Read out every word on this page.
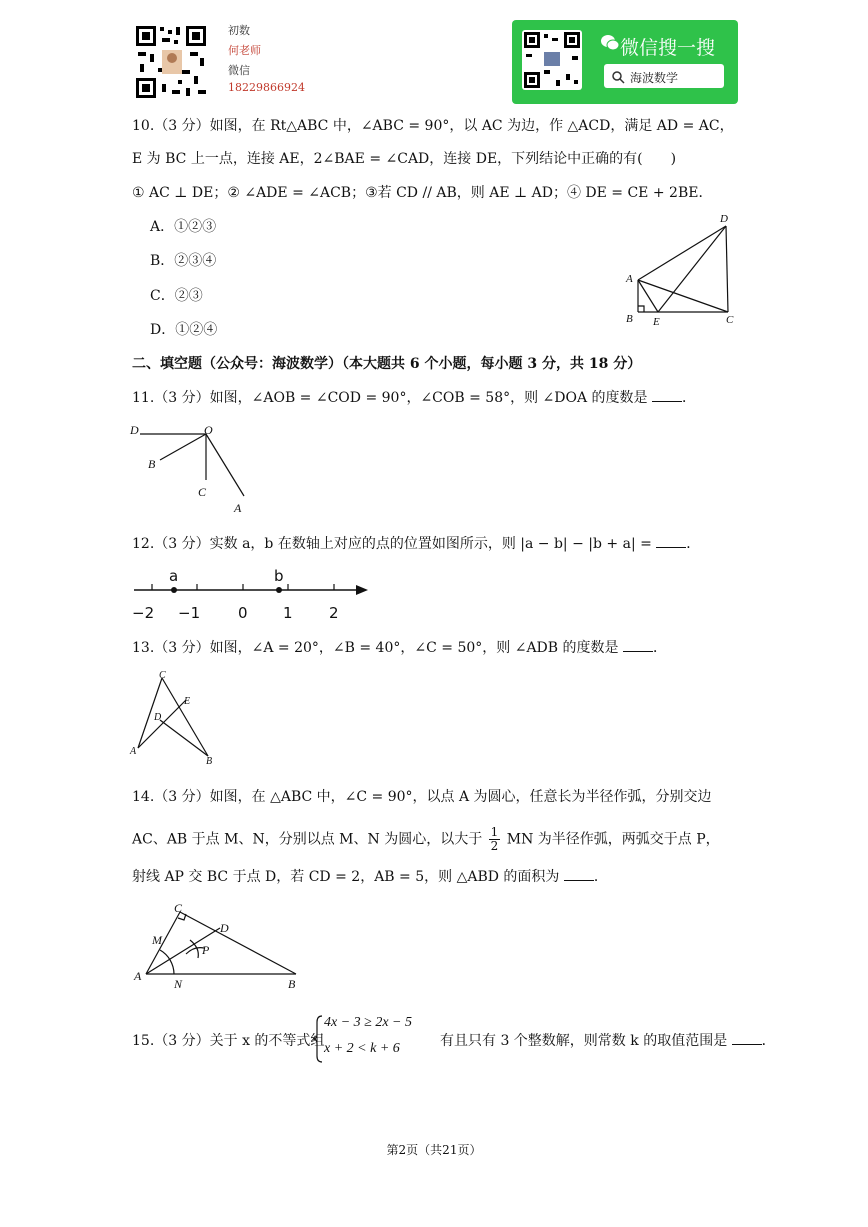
初数
何老师
微信
18229866924
微信搜一搜
海波数学
10.（3 分）如图，在 Rt△ABC 中，∠ABC = 90°，以 AC 为边，作 △ACD，满足 AD = AC，
E 为 BC 上一点，连接 AE，2∠BAE = ∠CAD，连接 DE，下列结论中正确的有(　　)
① AC ⊥ DE；② ∠ADE = ∠ACB；③若 CD // AB，则 AE ⊥ AD；④ DE = CE + 2BE．
A．①②③
B．②③④
C．②③
D．①②④
D
A
B E	C
二、填空题（公众号：海波数学）（本大题共 6 个小题，每小题 3 分，共 18 分）
11.（3 分）如图，∠AOB = ∠COD = 90°，∠COB = 58°，则 ∠DOA 的度数是 ．
D	O
B
C
A
12.（3 分）实数 a，b 在数轴上对应的点的位置如图所示，则 |a − b| − |b + a| = ．
a	b
−2 −1	0 1 2
13.（3 分）如图，∠A = 20°，∠B = 40°，∠C = 50°，则 ∠ADB 的度数是 ．
C
E
D
A
B
14.（3 分）如图，在 △ABC 中，∠C = 90°，以点 A 为圆心，任意长为半径作弧，分别交边
AC、AB 于点 M、N，分别以点 M、N 为圆心，以大于 $\frac{1}{2}$ MN 为半径作弧，两弧交于点 P，
射线 AP 交 BC 于点 D，若 CD = 2，AB = 5，则 △ABD 的面积为 ．
C
D
M
P
A
N	B
15.（3 分）关于 x 的不等式组
4x − 3 ≥ 2x − 5
x + 2 < k + 6	有且只有 3 个整数解，则常数 k 的取值范围是 ．
第2页（共21页）
